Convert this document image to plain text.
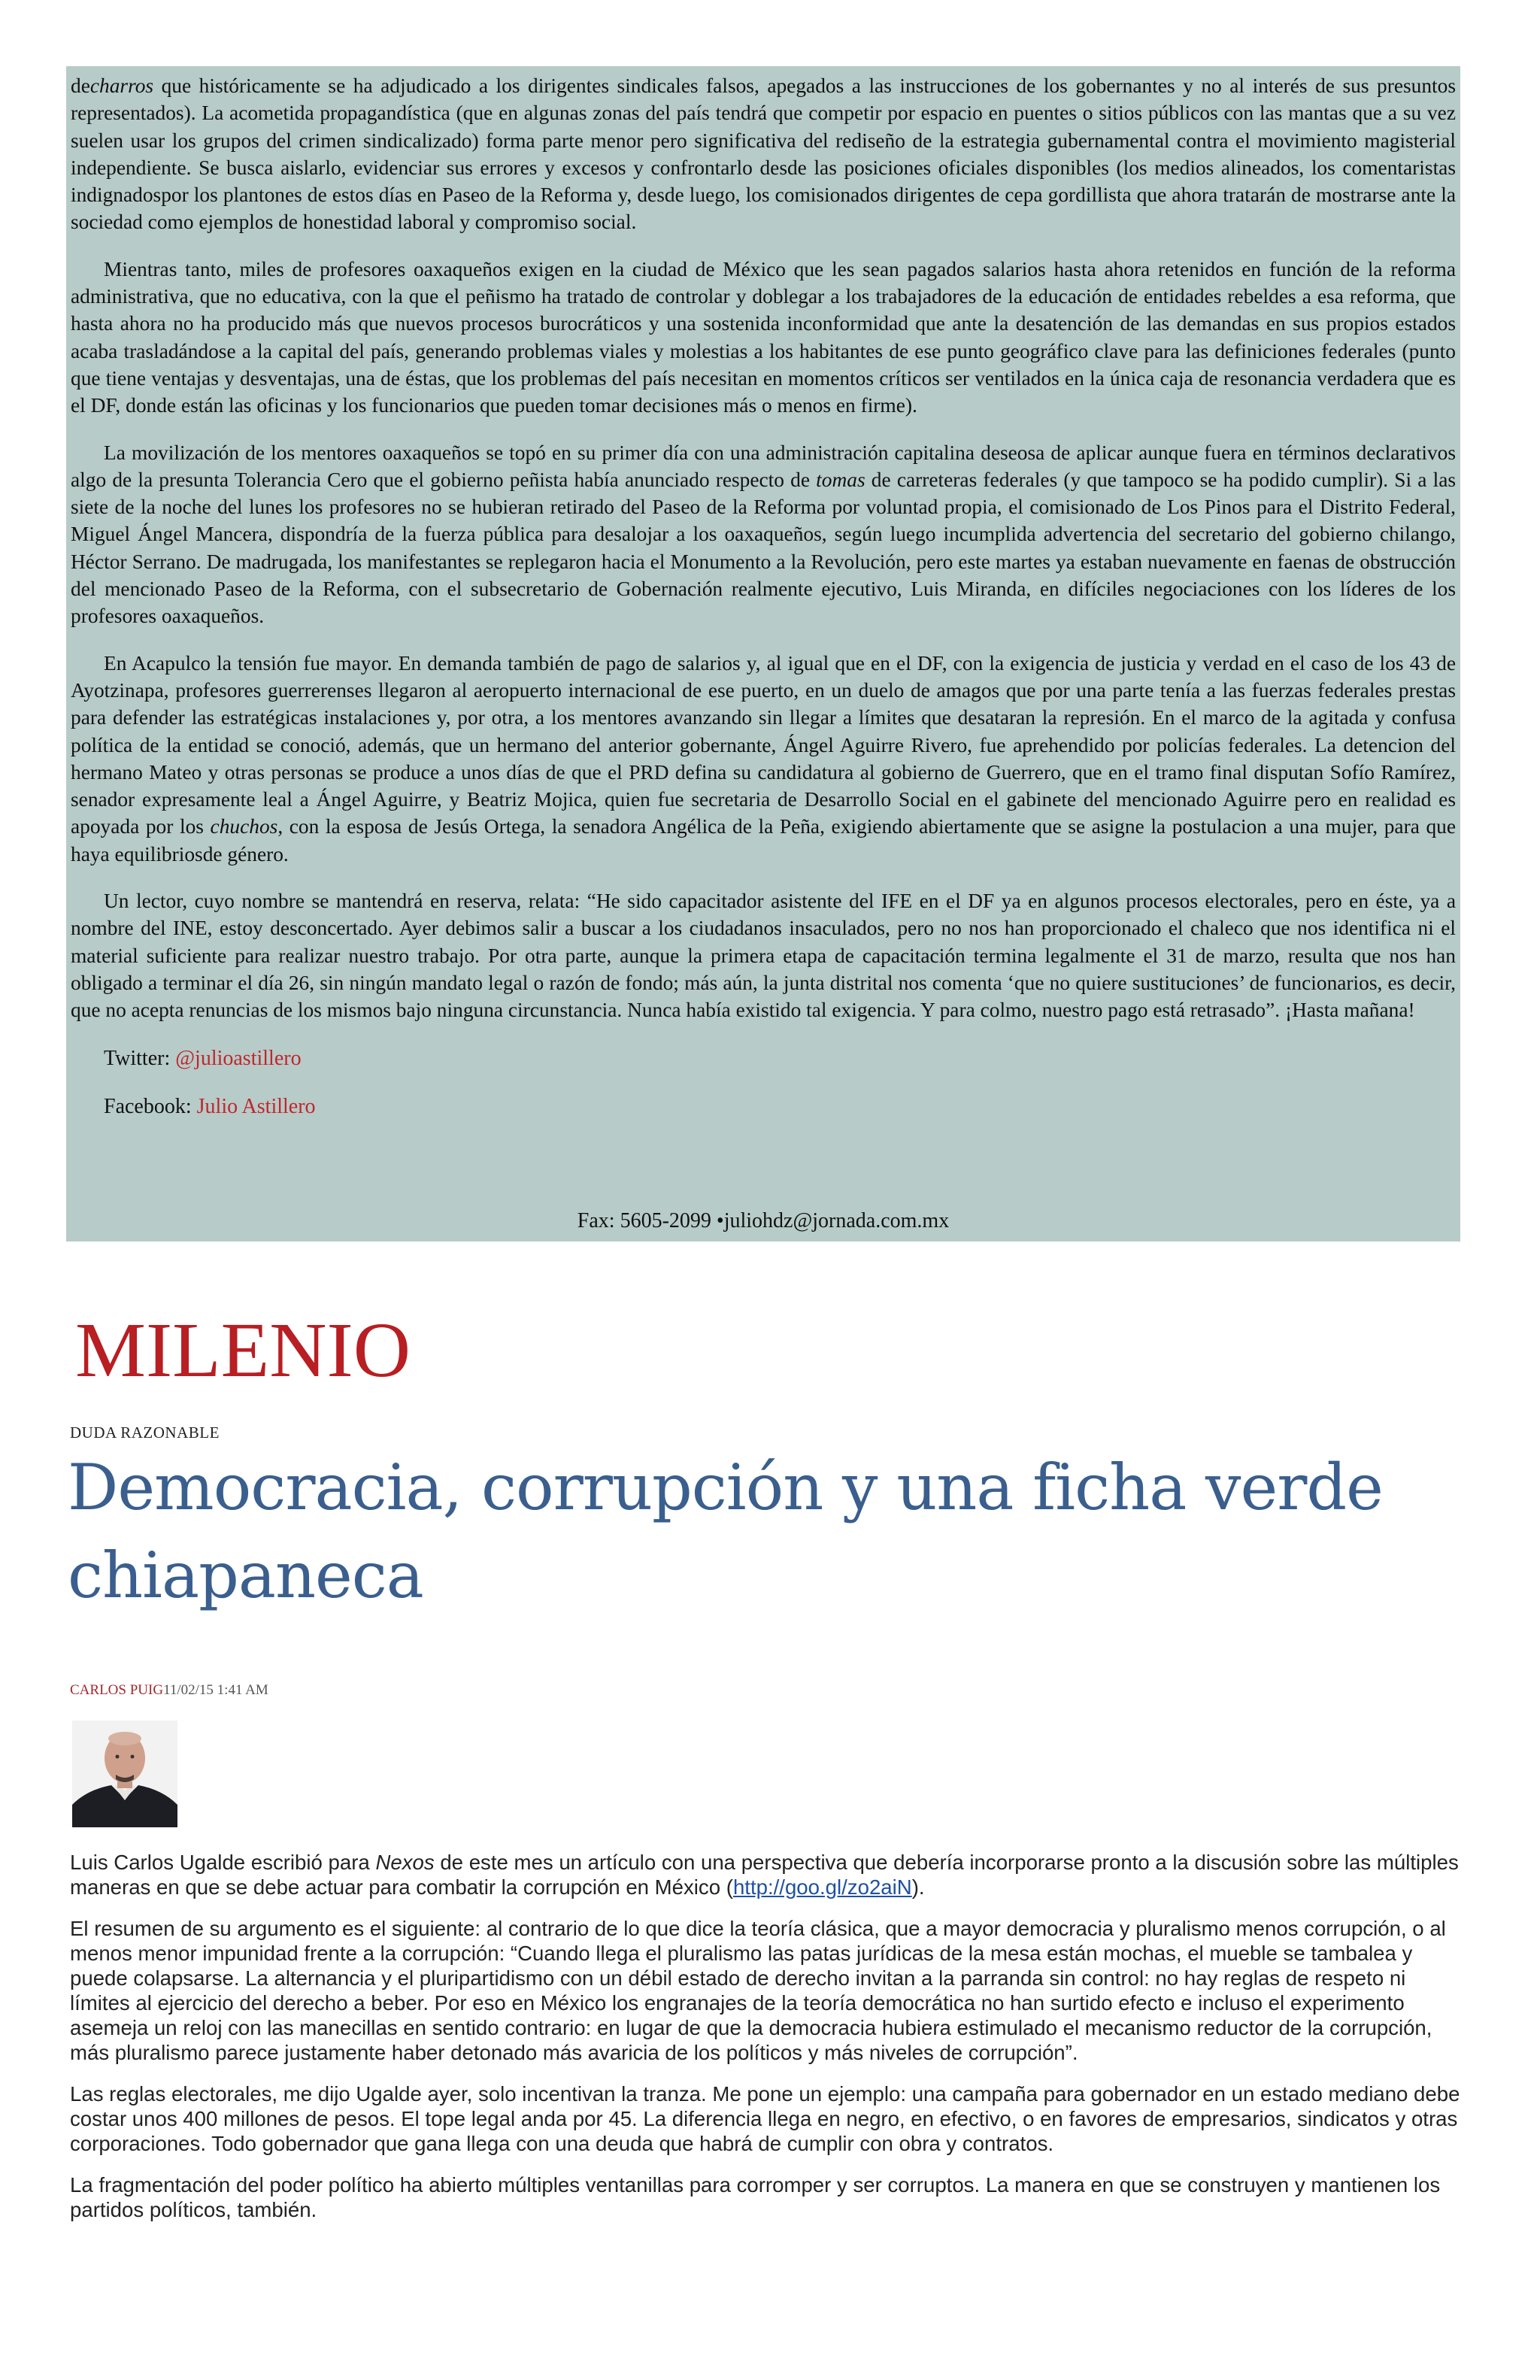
decharros que históricamente se ha adjudicado a los dirigentes sindicales falsos, apegados a las instrucciones de los gobernantes y no al interés de sus presuntos representados). La acometida propagandística (que en algunas zonas del país tendrá que competir por espacio en puentes o sitios públicos con las mantas que a su vez suelen usar los grupos del crimen sindicalizado) forma parte menor pero significativa del rediseño de la estrategia gubernamental contra el movimiento magisterial independiente. Se busca aislarlo, evidenciar sus errores y excesos y confrontarlo desde las posiciones oficiales disponibles (los medios alineados, los comentaristas indignadospor los plantones de estos días en Paseo de la Reforma y, desde luego, los comisionados dirigentes de cepa gordillista que ahora tratarán de mostrarse ante la sociedad como ejemplos de honestidad laboral y compromiso social.

Mientras tanto, miles de profesores oaxaqueños exigen en la ciudad de México que les sean pagados salarios hasta ahora retenidos en función de la reforma administrativa, que no educativa, con la que el peñismo ha tratado de controlar y doblegar a los trabajadores de la educación de entidades rebeldes a esa reforma, que hasta ahora no ha producido más que nuevos procesos burocráticos y una sostenida inconformidad que ante la desatención de las demandas en sus propios estados acaba trasladándose a la capital del país, generando problemas viales y molestias a los habitantes de ese punto geográfico clave para las definiciones federales (punto que tiene ventajas y desventajas, una de éstas, que los problemas del país necesitan en momentos críticos ser ventilados en la única caja de resonancia verdadera que es el DF, donde están las oficinas y los funcionarios que pueden tomar decisiones más o menos en firme).

La movilización de los mentores oaxaqueños se topó en su primer día con una administración capitalina deseosa de aplicar aunque fuera en términos declarativos algo de la presunta Tolerancia Cero que el gobierno peñista había anunciado respecto de tomas de carreteras federales (y que tampoco se ha podido cumplir). Si a las siete de la noche del lunes los profesores no se hubieran retirado del Paseo de la Reforma por voluntad propia, el comisionado de Los Pinos para el Distrito Federal, Miguel Ángel Mancera, dispondría de la fuerza pública para desalojar a los oaxaqueños, según luego incumplida advertencia del secretario del gobierno chilango, Héctor Serrano. De madrugada, los manifestantes se replegaron hacia el Monumento a la Revolución, pero este martes ya estaban nuevamente en faenas de obstrucción del mencionado Paseo de la Reforma, con el subsecretario de Gobernación realmente ejecutivo, Luis Miranda, en difíciles negociaciones con los líderes de los profesores oaxaqueños.

En Acapulco la tensión fue mayor. En demanda también de pago de salarios y, al igual que en el DF, con la exigencia de justicia y verdad en el caso de los 43 de Ayotzinapa, profesores guerrerenses llegaron al aeropuerto internacional de ese puerto, en un duelo de amagos que por una parte tenía a las fuerzas federales prestas para defender las estratégicas instalaciones y, por otra, a los mentores avanzando sin llegar a límites que desataran la represión. En el marco de la agitada y confusa política de la entidad se conoció, además, que un hermano del anterior gobernante, Ángel Aguirre Rivero, fue aprehendido por policías federales. La detencion del hermano Mateo y otras personas se produce a unos días de que el PRD defina su candidatura al gobierno de Guerrero, que en el tramo final disputan Sofío Ramírez, senador expresamente leal a Ángel Aguirre, y Beatriz Mojica, quien fue secretaria de Desarrollo Social en el gabinete del mencionado Aguirre pero en realidad es apoyada por los chuchos, con la esposa de Jesús Ortega, la senadora Angélica de la Peña, exigiendo abiertamente que se asigne la postulacion a una mujer, para que haya equilibriosde género.

Un lector, cuyo nombre se mantendrá en reserva, relata: “He sido capacitador asistente del IFE en el DF ya en algunos procesos electorales, pero en éste, ya a nombre del INE, estoy desconcertado. Ayer debimos salir a buscar a los ciudadanos insaculados, pero no nos han proporcionado el chaleco que nos identifica ni el material suficiente para realizar nuestro trabajo. Por otra parte, aunque la primera etapa de capacitación termina legalmente el 31 de marzo, resulta que nos han obligado a terminar el día 26, sin ningún mandato legal o razón de fondo; más aún, la junta distrital nos comenta ‘que no quiere sustituciones’ de funcionarios, es decir, que no acepta renuncias de los mismos bajo ninguna circunstancia. Nunca había existido tal exigencia. Y para colmo, nuestro pago está retrasado”. ¡Hasta mañana!

Twitter: @julioastillero

Facebook: Julio Astillero

Fax: 5605-2099 •juliohdz@jornada.com.mx
MILENIO
DUDA RAZONABLE
Democracia, corrupción y una ficha verde chiapaneca
CARLOS PUIG11/02/15 1:41 AM

Luis Carlos Ugalde escribió para Nexos de este mes un artículo con una perspectiva que debería incorporarse pronto a la discusión sobre las múltiples maneras en que se debe actuar para combatir la corrupción en México (http://goo.gl/zo2aiN).

El resumen de su argumento es el siguiente: al contrario de lo que dice la teoría clásica, que a mayor democracia y pluralismo menos corrupción, o al menos menor impunidad frente a la corrupción: “Cuando llega el pluralismo las patas jurídicas de la mesa están mochas, el mueble se tambalea y puede colapsarse. La alternancia y el pluripartidismo con un débil estado de derecho invitan a la parranda sin control: no hay reglas de respeto ni límites al ejercicio del derecho a beber. Por eso en México los engranajes de la teoría democrática no han surtido efecto e incluso el experimento asemeja un reloj con las manecillas en sentido contrario: en lugar de que la democracia hubiera estimulado el mecanismo reductor de la corrupción, más pluralismo parece justamente haber detonado más avaricia de los políticos y más niveles de corrupción”.

Las reglas electorales, me dijo Ugalde ayer, solo incentivan la tranza. Me pone un ejemplo: una campaña para gobernador en un estado mediano debe costar unos 400 millones de pesos. El tope legal anda por 45. La diferencia llega en negro, en efectivo, o en favores de empresarios, sindicatos y otras corporaciones. Todo gobernador que gana llega con una deuda que habrá de cumplir con obra y contratos.

La fragmentación del poder político ha abierto múltiples ventanillas para corromper y ser corruptos. La manera en que se construyen y mantienen los partidos políticos, también.
